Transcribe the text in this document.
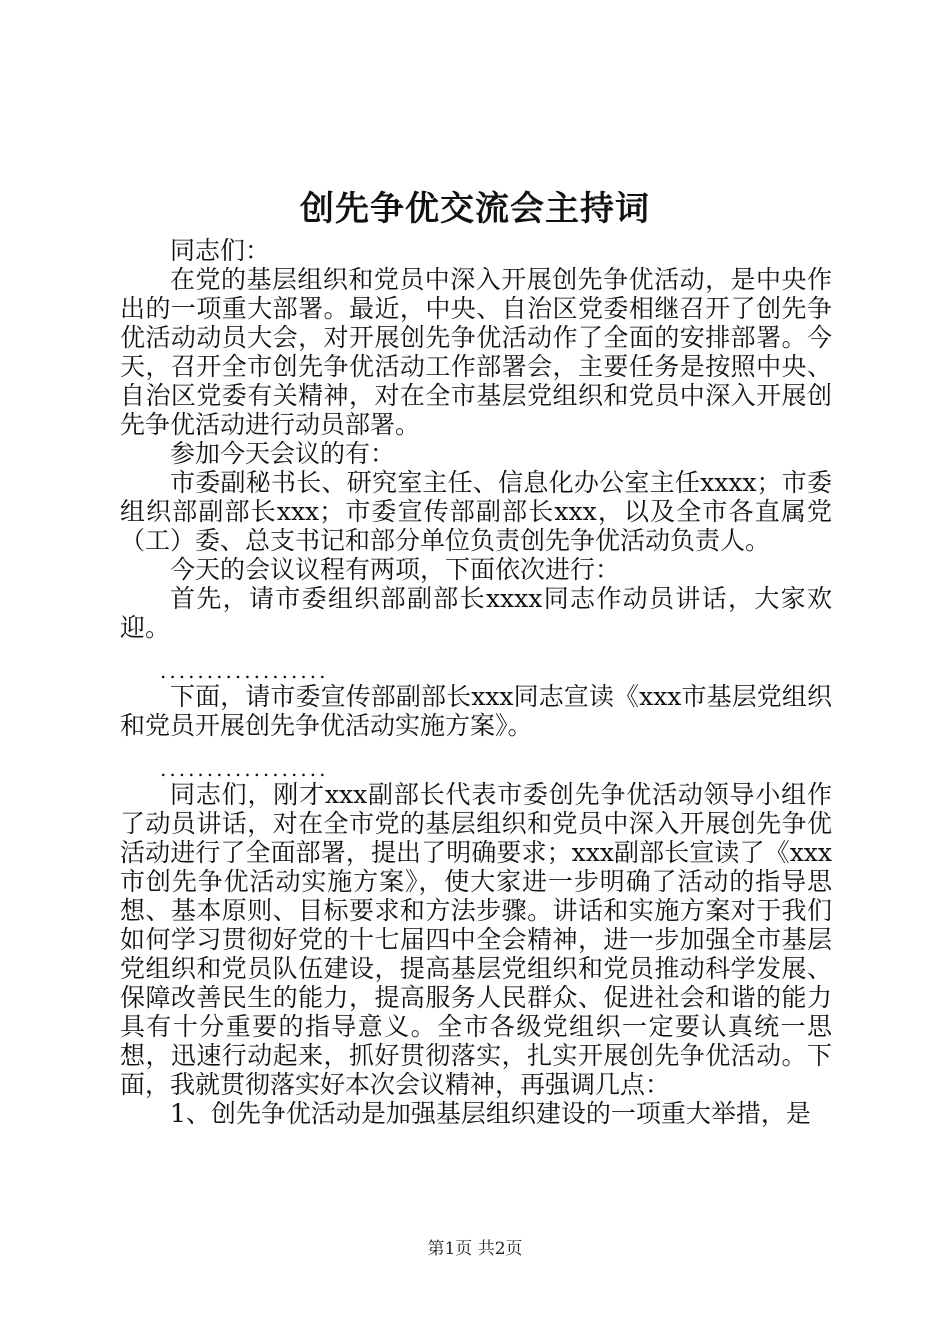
创先争优交流会主持词

同志们：

在党的基层组织和党员中深入开展创先争优活动，是中央作出的一项重大部署。最近，中央、自治区党委相继召开了创先争优活动动员大会，对开展创先争优活动作了全面的安排部署。今天，召开全市创先争优活动工作部署会，主要任务是按照中央、自治区党委有关精神，对在全市基层党组织和党员中深入开展创先争优活动进行动员部署。

参加今天会议的有：

市委副秘书长、研究室主任、信息化办公室主任xxxx；市委组织部副部长xxx；市委宣传部副部长xxx，以及全市各直属党（工）委、总支书记和部分单位负责创先争优活动负责人。

今天的会议议程有两项，下面依次进行：

首先，请市委组织部副部长xxxx同志作动员讲话，大家欢迎。

..................

下面，请市委宣传部副部长xxx同志宣读《xxx市基层党组织和党员开展创先争优活动实施方案》。

..................

同志们，刚才xxx副部长代表市委创先争优活动领导小组作了动员讲话，对在全市党的基层组织和党员中深入开展创先争优活动进行了全面部署，提出了明确要求；xxx副部长宣读了《xxx市创先争优活动实施方案》，使大家进一步明确了活动的指导思想、基本原则、目标要求和方法步骤。讲话和实施方案对于我们如何学习贯彻好党的十七届四中全会精神，进一步加强全市基层党组织和党员队伍建设，提高基层党组织和党员推动科学发展、保障改善民生的能力，提高服务人民群众、促进社会和谐的能力具有十分重要的指导意义。全市各级党组织一定要认真统一思想，迅速行动起来，抓好贯彻落实，扎实开展创先争优活动。下面，我就贯彻落实好本次会议精神，再强调几点：

1、创先争优活动是加强基层组织建设的一项重大举措，是

第1页 共2页
